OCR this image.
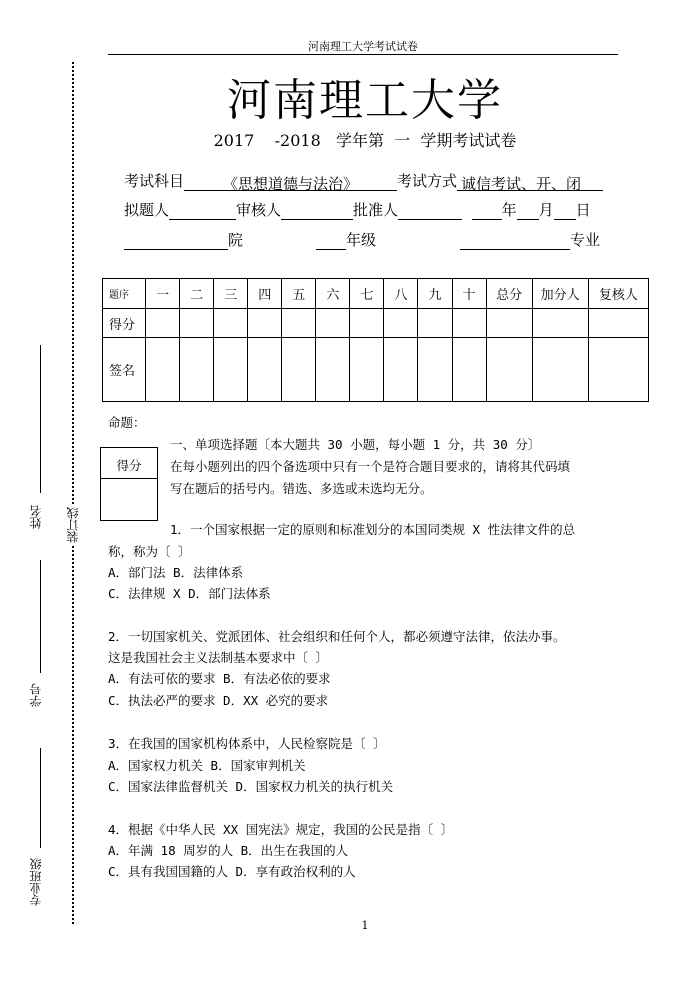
河南理工大学考试试卷
河南理工大学
2017 -2018 学年第 一 学期考试试卷
考试科目	《思想道德与法治》	考试方式 诚信考试、开、闭
拟题人	审核人	批准人	年 月 日
院	年级	专业
题序	一	二	三	四	五	六	七	八	九	十	总分	加分人	复核人
得分													
签名													
命题：
得分
一、单项选择题〔本大题共 30 小题，每小题 1 分，共 30 分〕
在每小题列出的四个备选项中只有一个是符合题目要求的，请将其代码填
写在题后的括号内。错选、多选或未选均无分。
1．一个国家根据一定的原则和标准划分的本国同类规 X 性法律文件的总
称，称为〔 〕
A．部门法 B．法律体系
C．法律规 X D．部门法体系
2．一切国家机关、党派团体、社会组织和任何个人，都必须遵守法律，依法办事。
这是我国社会主义法制基本要求中〔 〕
A．有法可依的要求 B．有法必依的要求
C．执法必严的要求 D．XX 必究的要求
3．在我国的国家机构体系中，人民检察院是〔 〕
A．国家权力机关 B．国家审判机关
C．国家法律监督机关 D．国家权力机关的执行机关
4．根据《中华人民 XX 国宪法》规定，我国的公民是指〔 〕
A．年满 18 周岁的人 B．出生在我国的人
C．具有我国国籍的人 D．享有政治权利的人
装订线
姓名
学号
专业班级
1
